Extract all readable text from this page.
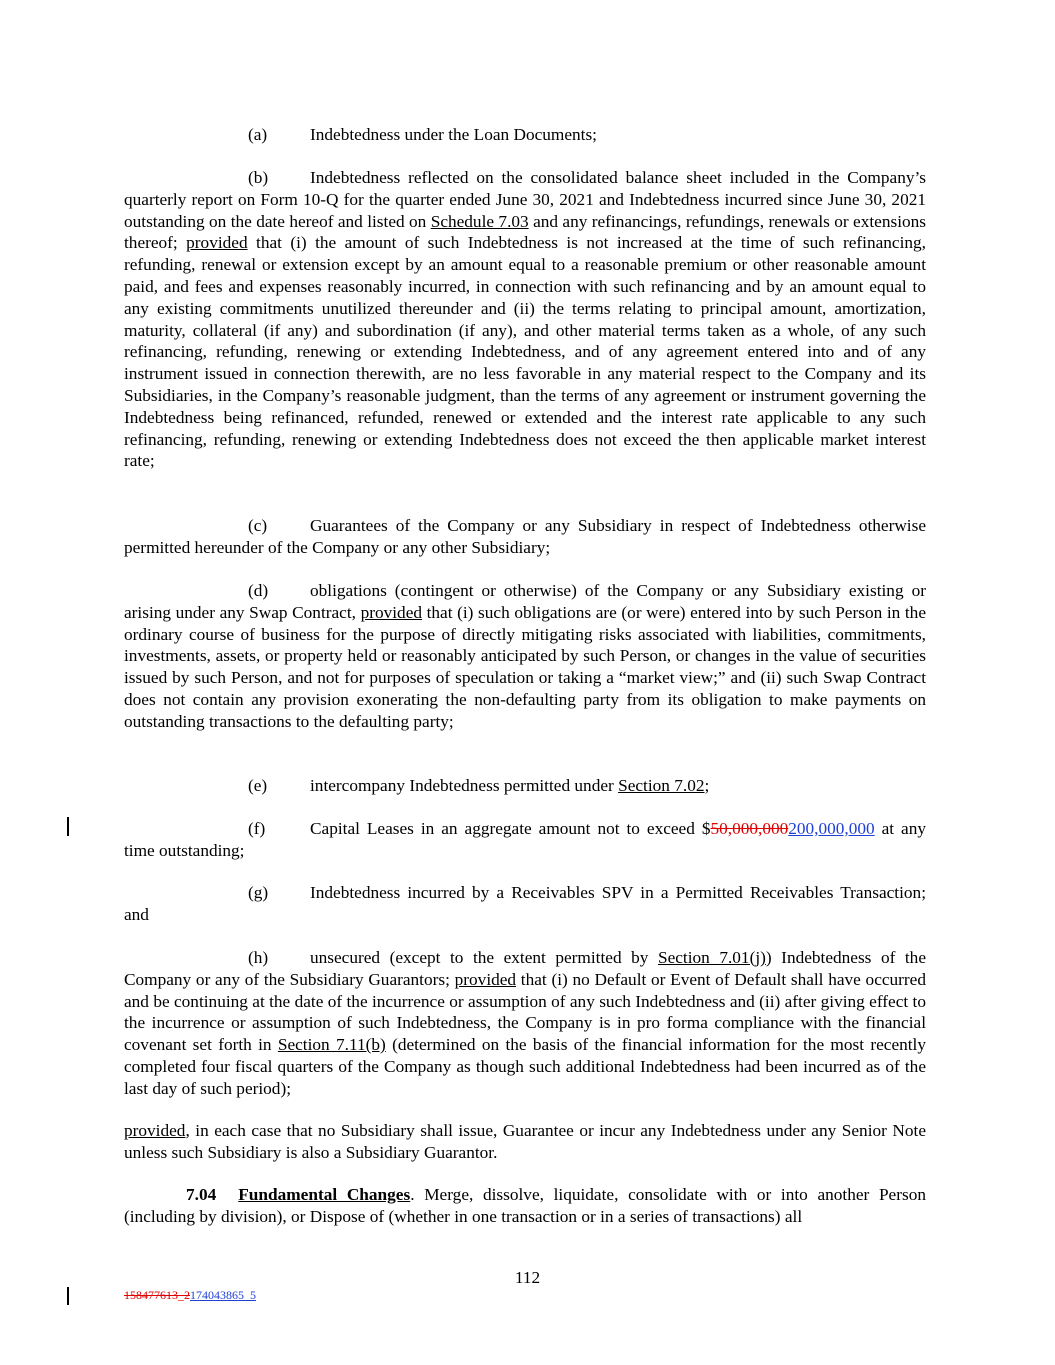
(a) Indebtedness under the Loan Documents;

(b) Indebtedness reflected on the consolidated balance sheet included in the Company’s quarterly report on Form 10-Q for the quarter ended June 30, 2021 and Indebtedness incurred since June 30, 2021 outstanding on the date hereof and listed on Schedule 7.03 and any refinancings, refundings, renewals or extensions thereof; provided that (i) the amount of such Indebtedness is not increased at the time of such refinancing, refunding, renewal or extension except by an amount equal to a reasonable premium or other reasonable amount paid, and fees and expenses reasonably incurred, in connection with such refinancing and by an amount equal to any existing commitments unutilized thereunder and (ii) the terms relating to principal amount, amortization, maturity, collateral (if any) and subordination (if any), and other material terms taken as a whole, of any such refinancing, refunding, renewing or extending Indebtedness, and of any agreement entered into and of any instrument issued in connection therewith, are no less favorable in any material respect to the Company and its Subsidiaries, in the Company’s reasonable judgment, than the terms of any agreement or instrument governing the Indebtedness being refinanced, refunded, renewed or extended and the interest rate applicable to any such refinancing, refunding, renewing or extending Indebtedness does not exceed the then applicable market interest rate;

(c) Guarantees of the Company or any Subsidiary in respect of Indebtedness otherwise permitted hereunder of the Company or any other Subsidiary;

(d) obligations (contingent or otherwise) of the Company or any Subsidiary existing or arising under any Swap Contract, provided that (i) such obligations are (or were) entered into by such Person in the ordinary course of business for the purpose of directly mitigating risks associated with liabilities, commitments, investments, assets, or property held or reasonably anticipated by such Person, or changes in the value of securities issued by such Person, and not for purposes of speculation or taking a “market view;” and (ii) such Swap Contract does not contain any provision exonerating the non-defaulting party from its obligation to make payments on outstanding transactions to the defaulting party;

(e) intercompany Indebtedness permitted under Section 7.02;

(f)	Capital Leases in an aggregate amount not to exceed $50,000,000200,000,000 at any time outstanding;

(g) Indebtedness incurred by a Receivables SPV in a Permitted Receivables Transaction; and

(h) unsecured (except to the extent permitted by Section 7.01(j)) Indebtedness of the Company or any of the Subsidiary Guarantors; provided that (i) no Default or Event of Default shall have occurred and be continuing at the date of the incurrence or assumption of any such Indebtedness and (ii) after giving effect to the incurrence or assumption of such Indebtedness, the Company is in pro forma compliance with the financial covenant set forth in Section 7.11(b) (determined on the basis of the financial information for the most recently completed four fiscal quarters of the Company as though such additional Indebtedness had been incurred as of the last day of such period);

provided, in each case that no Subsidiary shall issue, Guarantee or incur any Indebtedness under any Senior Note unless such Subsidiary is also a Subsidiary Guarantor.

7.04 Fundamental Changes. Merge, dissolve, liquidate, consolidate with or into another Person (including by division), or Dispose of (whether in one transaction or in a series of transactions) all

112
158477613_2174043865_5
